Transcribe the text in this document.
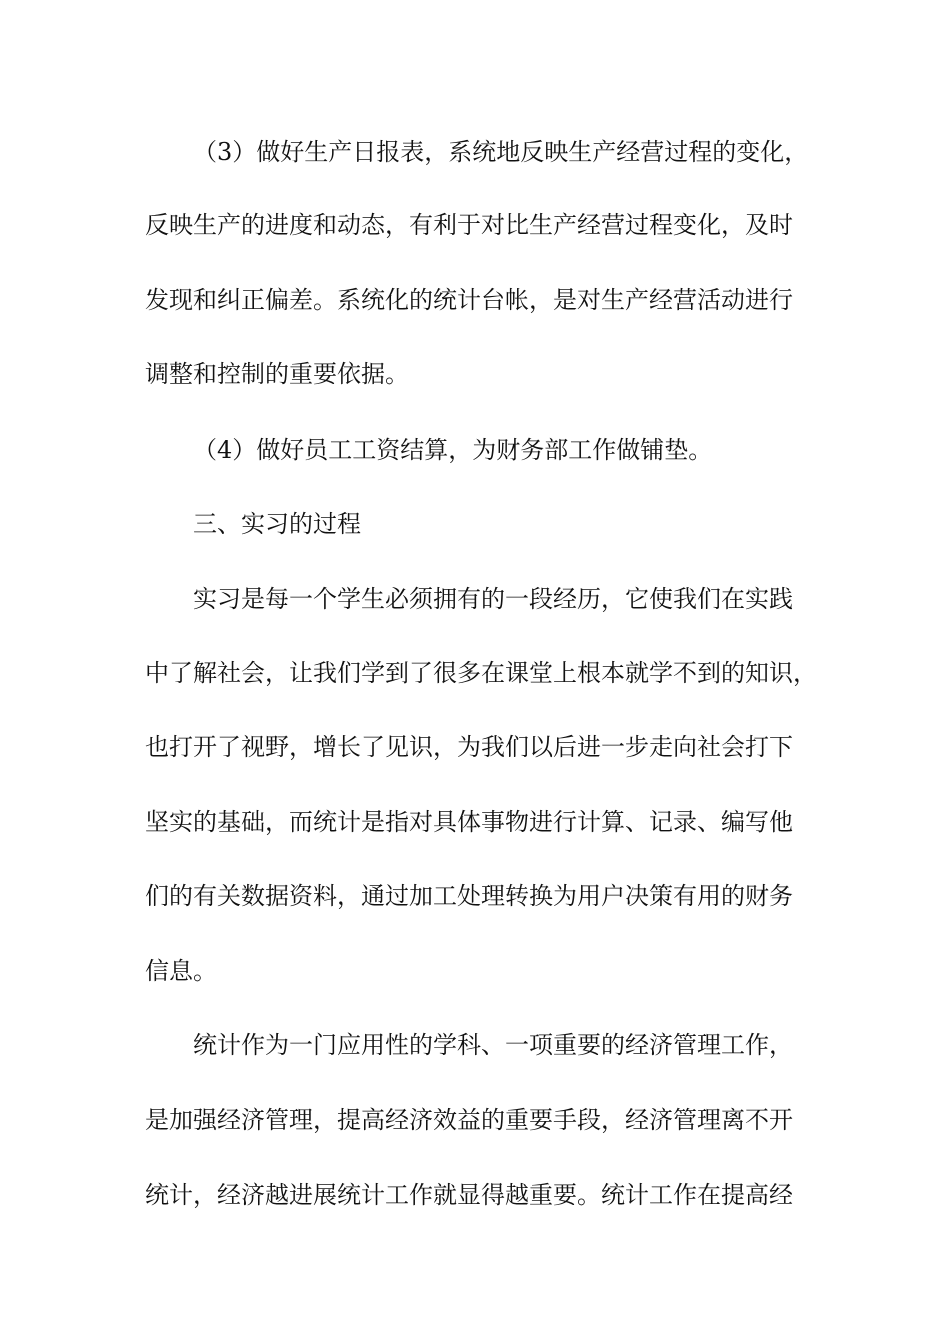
（3）做好生产日报表，系统地反映生产经营过程的变化，
反映生产的进度和动态，有利于对比生产经营过程变化，及时
发现和纠正偏差。系统化的统计台帐，是对生产经营活动进行
调整和控制的重要依据。
（4）做好员工工资结算，为财务部工作做铺垫。
三、实习的过程
实习是每一个学生必须拥有的一段经历，它使我们在实践
中了解社会，让我们学到了很多在课堂上根本就学不到的知识，
也打开了视野，增长了见识，为我们以后进一步走向社会打下
坚实的基础，而统计是指对具体事物进行计算、记录、编写他
们的有关数据资料，通过加工处理转换为用户决策有用的财务
信息。
统计作为一门应用性的学科、一项重要的经济管理工作，
是加强经济管理，提高经济效益的重要手段，经济管理离不开
统计，经济越进展统计工作就显得越重要。统计工作在提高经
